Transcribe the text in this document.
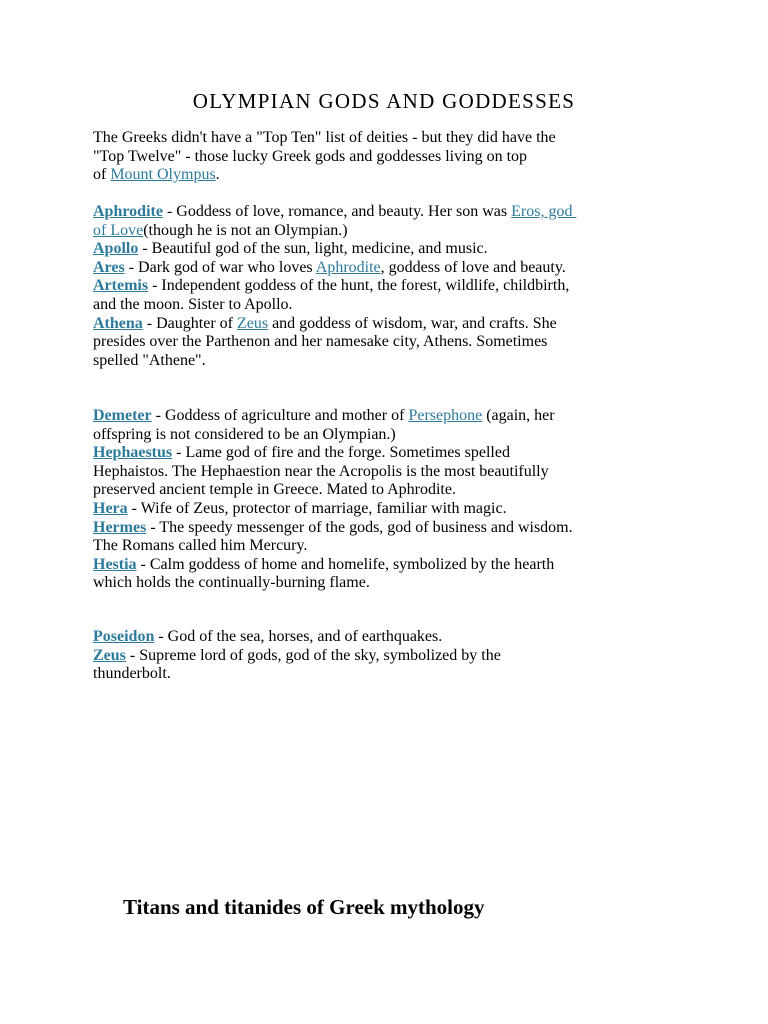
OLYMPIAN GODS AND GODDESSES
The Greeks didn't have a "Top Ten" list of deities - but they did have the
"Top Twelve" - those lucky Greek gods and goddesses living on top
of Mount Olympus.
Aphrodite - Goddess of love, romance, and beauty. Her son was Eros, god
of Love(though he is not an Olympian.)
Apollo - Beautiful god of the sun, light, medicine, and music.
Ares - Dark god of war who loves Aphrodite, goddess of love and beauty.
Artemis - Independent goddess of the hunt, the forest, wildlife, childbirth,
and the moon. Sister to Apollo.
Athena - Daughter of Zeus and goddess of wisdom, war, and crafts. She
presides over the Parthenon and her namesake city, Athens. Sometimes
spelled "Athene".
Demeter - Goddess of agriculture and mother of Persephone (again, her
offspring is not considered to be an Olympian.)
Hephaestus - Lame god of fire and the forge. Sometimes spelled
Hephaistos. The Hephaestion near the Acropolis is the most beautifully
preserved ancient temple in Greece. Mated to Aphrodite.
Hera - Wife of Zeus, protector of marriage, familiar with magic.
Hermes - The speedy messenger of the gods, god of business and wisdom.
The Romans called him Mercury.
Hestia - Calm goddess of home and homelife, symbolized by the hearth
which holds the continually-burning flame.
Poseidon - God of the sea, horses, and of earthquakes.
Zeus - Supreme lord of gods, god of the sky, symbolized by the
thunderbolt.
Titans and titanides of Greek mythology
